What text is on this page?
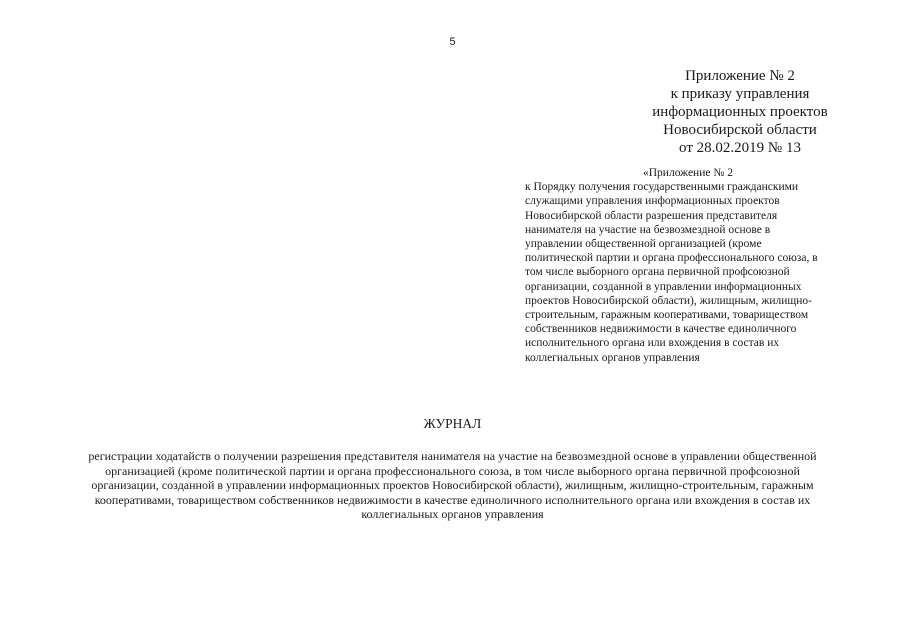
5
Приложение № 2
к приказу управления
информационных проектов
Новосибирской области
от 28.02.2019 № 13
«Приложение № 2
к Порядку получения государственными гражданскими
служащими управления информационных проектов
Новосибирской области разрешения представителя
нанимателя на участие на безвозмездной основе в
управлении общественной организацией (кроме
политической партии и органа профессионального союза, в
том числе выборного органа первичной профсоюзной
организации, созданной в управлении информационных
проектов Новосибирской области), жилищным, жилищно-
строительным, гаражным кооперативами, товариществом
собственников недвижимости в качестве единоличного
исполнительного органа или вхождения в состав их
коллегиальных органов управления
ЖУРНАЛ
регистрации ходатайств о получении разрешения представителя нанимателя на участие на безвозмездной основе в управлении общественной
организацией (кроме политической партии и органа профессионального союза, в том числе выборного органа первичной профсоюзной
организации, созданной в управлении информационных проектов Новосибирской области), жилищным, жилищно-строительным, гаражным
кооперативами, товариществом собственников недвижимости в качестве единоличного исполнительного органа или вхождения в состав их
коллегиальных органов управления
